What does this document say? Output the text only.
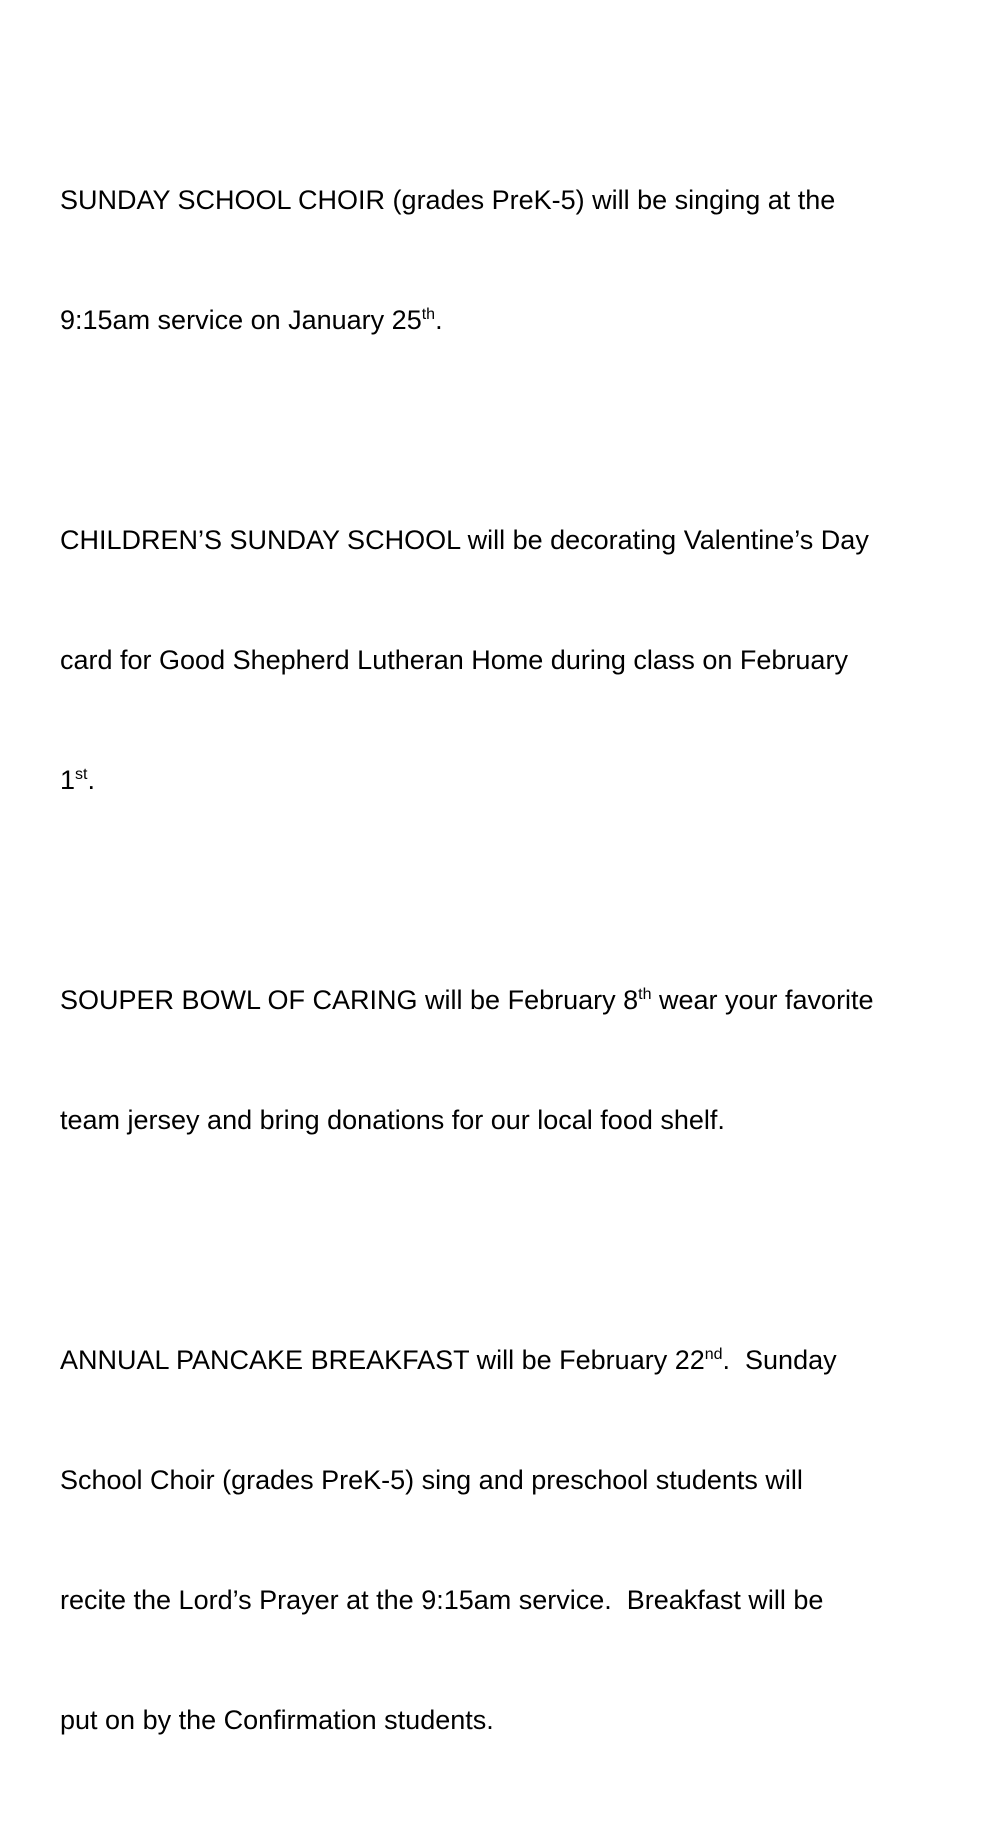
SUNDAY SCHOOL CHOIR (grades PreK-5) will be singing at the

9:15am service on January 25th.

CHILDREN’S SUNDAY SCHOOL will be decorating Valentine’s Day

card for Good Shepherd Lutheran Home during class on February

1st.

SOUPER BOWL OF CARING will be February 8th wear your favorite

team jersey and bring donations for our local food shelf.

ANNUAL PANCAKE BREAKFAST will be February 22nd.  Sunday

School Choir (grades PreK-5) sing and preschool students will

recite the Lord’s Prayer at the 9:15am service.  Breakfast will be

put on by the Confirmation students.
